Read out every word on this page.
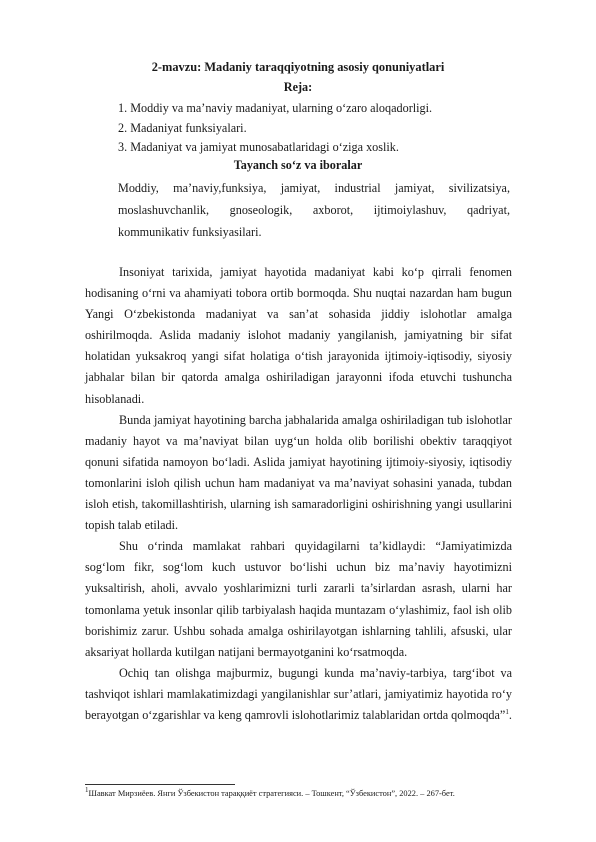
2-mavzu: Madaniy taraqqiyotning asosiy qonuniyatlari
Reja:
1. Moddiy va ma’naviy madaniyat, ularning o‘zaro aloqadorligi.
2. Madaniyat funksiyalari.
3. Madaniyat va jamiyat munosabatlaridagi o‘ziga xoslik.
Tayanch so‘z va iboralar
Moddiy, ma’naviy,funksiya, jamiyat, industrial jamiyat, sivilizatsiya,
moslashuvchanlik, gnoseologik, axborot, ijtimoiylashuv, qadriyat,
kommunikativ funksiyasilari.

Insoniyat tarixida, jamiyat hayotida madaniyat kabi ko‘p qirrali fenomen hodisaning o‘rni va ahamiyati tobora ortib bormoqda. Shu nuqtai nazardan ham bugun Yangi O‘zbekistonda madaniyat va san’at sohasida jiddiy islohotlar amalga oshirilmoqda. Aslida madaniy islohot madaniy yangilanish, jamiyatning bir sifat holatidan yuksakroq yangi sifat holatiga o‘tish jarayonida ijtimoiy-iqtisodiy, siyosiy jabhalar bilan bir qatorda amalga oshiriladigan jarayonni ifoda etuvchi tushuncha hisoblanadi.

Bunda jamiyat hayotining barcha jabhalarida amalga oshiriladigan tub islohotlar madaniy hayot va ma’naviyat bilan uyg‘un holda olib borilishi obektiv taraqqiyot qonuni sifatida namoyon bo‘ladi. Aslida jamiyat hayotining ijtimoiy-siyosiy, iqtisodiy tomonlarini isloh qilish uchun ham madaniyat va ma’naviyat sohasini yanada, tubdan isloh etish, takomillashtirish, ularning ish samaradorligini oshirishning yangi usullarini topish talab etiladi.

Shu o‘rinda mamlakat rahbari quyidagilarni ta’kidlaydi: “Jamiyatimizda sog‘lom fikr, sog‘lom kuch ustuvor bo‘lishi uchun biz ma’naviy hayotimizni yuksaltirish, aholi, avvalo yoshlarimizni turli zararli ta’sirlardan asrash, ularni har tomonlama yetuk insonlar qilib tarbiyalash haqida muntazam o‘ylashimiz, faol ish olib borishimiz zarur. Ushbu sohada amalga oshirilayotgan ishlarning tahlili, afsuski, ular aksariyat hollarda kutilgan natijani bermayotganini ko‘rsatmoqda.

Ochiq tan olishga majburmiz, bugungi kunda ma’naviy-tarbiya, targ‘ibot va tashviqot ishlari mamlakatimizdagi yangilanishlar sur’atlari, jamiyatimiz hayotida ro‘y berayotgan o‘zgarishlar va keng qamrovli islohotlarimiz talablaridan ortda qolmoqda”$^1$.

$^1$Шавкат Мирзиёев. Янги Ўзбекистон тараққиёт стратегияси. – Тошкент, “Ўзбекистон”, 2022. – 267-бет.
